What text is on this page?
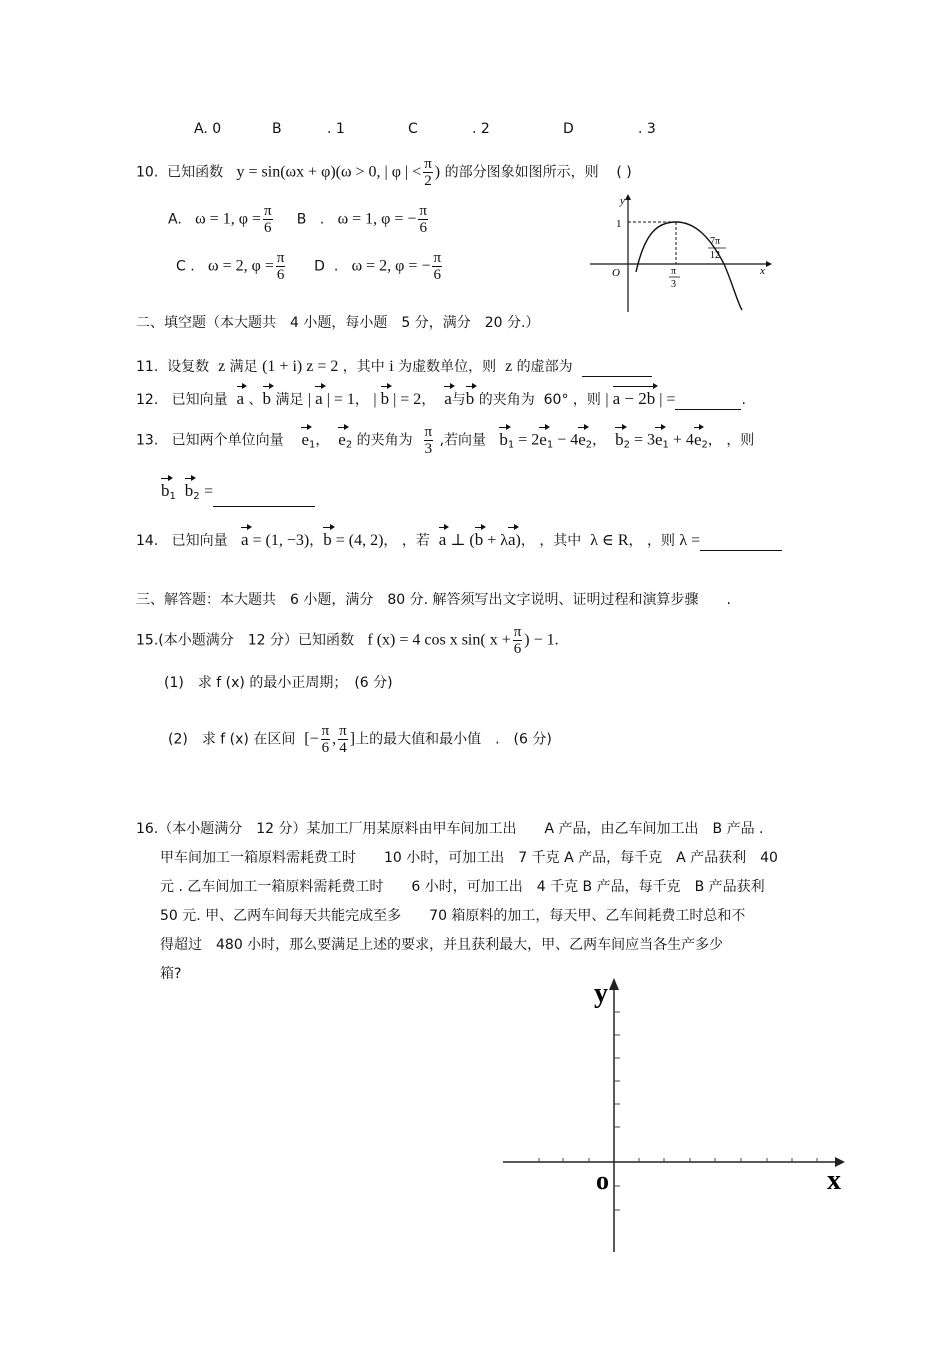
A. 0	B	. 1	C	. 2	D	. 3
10. 已知函数 y = sin(ωx + φ)(ω > 0, | φ | < $\frac{\pi}{2}$ ) 的部分图象如图所示，则 ( )
A. ω = 1, $\varphi = \frac{\pi}{6}$ B   .   ω = 1, φ = − $\frac{\pi}{6}$
C . ω = 2, $\varphi = \frac{\pi}{6}$ D  .   ω = 2, φ = − $\frac{\pi}{6}$
y
x
1
O	π
3
7π
12
二、填空题（本大题共　4 小题，每小题　5 分，满分　20 分.）
11. 设复数 z 满足 (1 + i) z = 2 ，其中 i 为虚数单位，则 z 的虚部为
12. 已知向量 a 、b 满足 | a | = 1， | b | = 2，  a与b 的夹角为 60° ，则 | a − 2b | =	.
13. 已知两个单位向量 $e_1$，  $e_2$ 的夹角为 $\frac{\pi}{3}$ ,若向量 $b_1 = 2e_1 - 4e_2$，  $b_2 = 3e_1 + 4e_2$， ，则
$b_1$ $b_2$ =
14. 已知向量 a = (1, −3)，b = (4, 2)， ，若 a ⊥ (b + λa)， ，其中 λ ∈ R， ，则 λ =
三、解答题：本大题共　6 小题，满分　80 分. 解答须写出文字说明、证明过程和演算步骤　　.
15.(本小题满分　12 分）已知函数 f (x) = 4 cos x sin( $x + \frac{\pi}{6}$ ) − 1.
(1)　求 f (x) 的最小正周期；　(6 分)
(2)　求 f (x) 在区间 [− $\frac{\pi}{6}$ , $\frac{\pi}{4}$ ]上的最大值和最小值　.　(6 分)
16.（本小题满分　12 分）某加工厂用某原料由甲车间加工出　　A 产品，由乙车间加工出　B 产品 .
甲车间加工一箱原料需耗费工时　　10 小时，可加工出　7 千克 A 产品，每千克　A 产品获利　40
元 . 乙车间加工一箱原料需耗费工时　　6 小时，可加工出　4 千克 B 产品，每千克　B 产品获利
50 元. 甲、乙两车间每天共能完成至多　　70 箱原料的加工，每天甲、乙车间耗费工时总和不
得超过　480 小时，那么要满足上述的要求，并且获利最大，甲、乙两车间应当各生产多少
箱?
y
x
o
